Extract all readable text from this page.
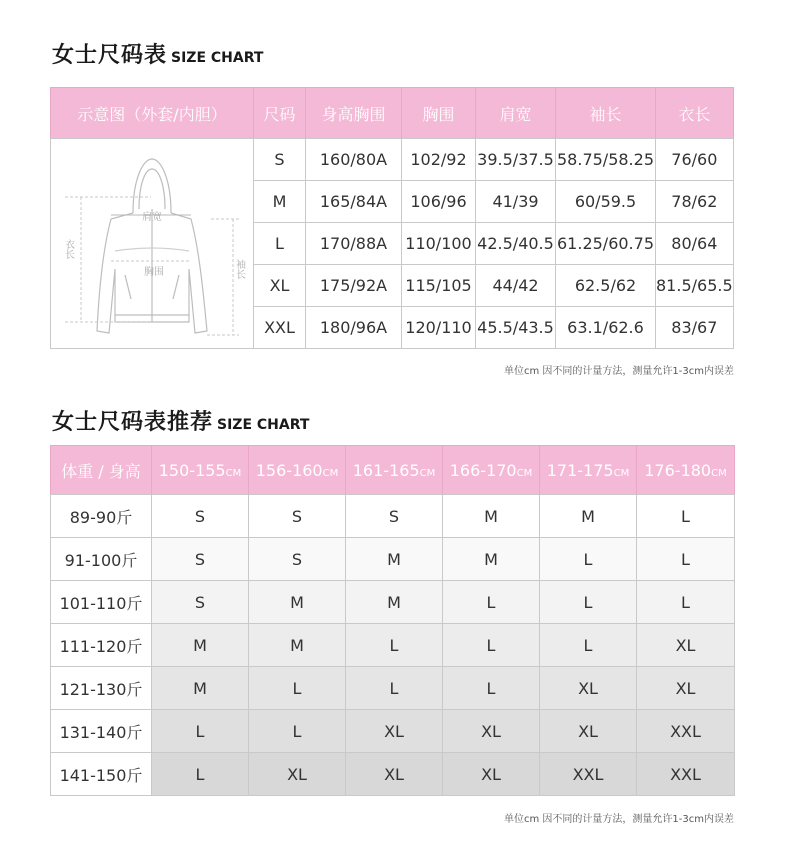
女士尺码表 SIZE CHART
示意图（外套/内胆）	尺码	身高胸围	胸围	肩宽	袖长	衣长

肩宽
胸围
衣长
袖长	S	160/80A	102/92	39.5/37.5	58.75/58.25	76/60
	M	165/84A	106/96	41/39	60/59.5	78/62
	L	170/88A	110/100	42.5/40.5	61.25/60.75	80/64
	XL	175/92A	115/105	44/42	62.5/62	81.5/65.5
	XXL	180/96A	120/110	45.5/43.5	63.1/62.6	83/67
单位cm 因不同的计量方法，测量允许1-3cm内误差
女士尺码表推荐 SIZE CHART
体重 / 身高	150-155CM	156-160CM	161-165CM	166-170CM	171-175CM	176-180CM
89-90斤	S	S	S	M	M	L
91-100斤	S	S	M	M	L	L
101-110斤	S	M	M	L	L	L
111-120斤	M	M	L	L	L	XL
121-130斤	M	L	L	L	XL	XL
131-140斤	L	L	XL	XL	XL	XXL
141-150斤	L	XL	XL	XL	XXL	XXL
单位cm 因不同的计量方法，测量允许1-3cm内误差
